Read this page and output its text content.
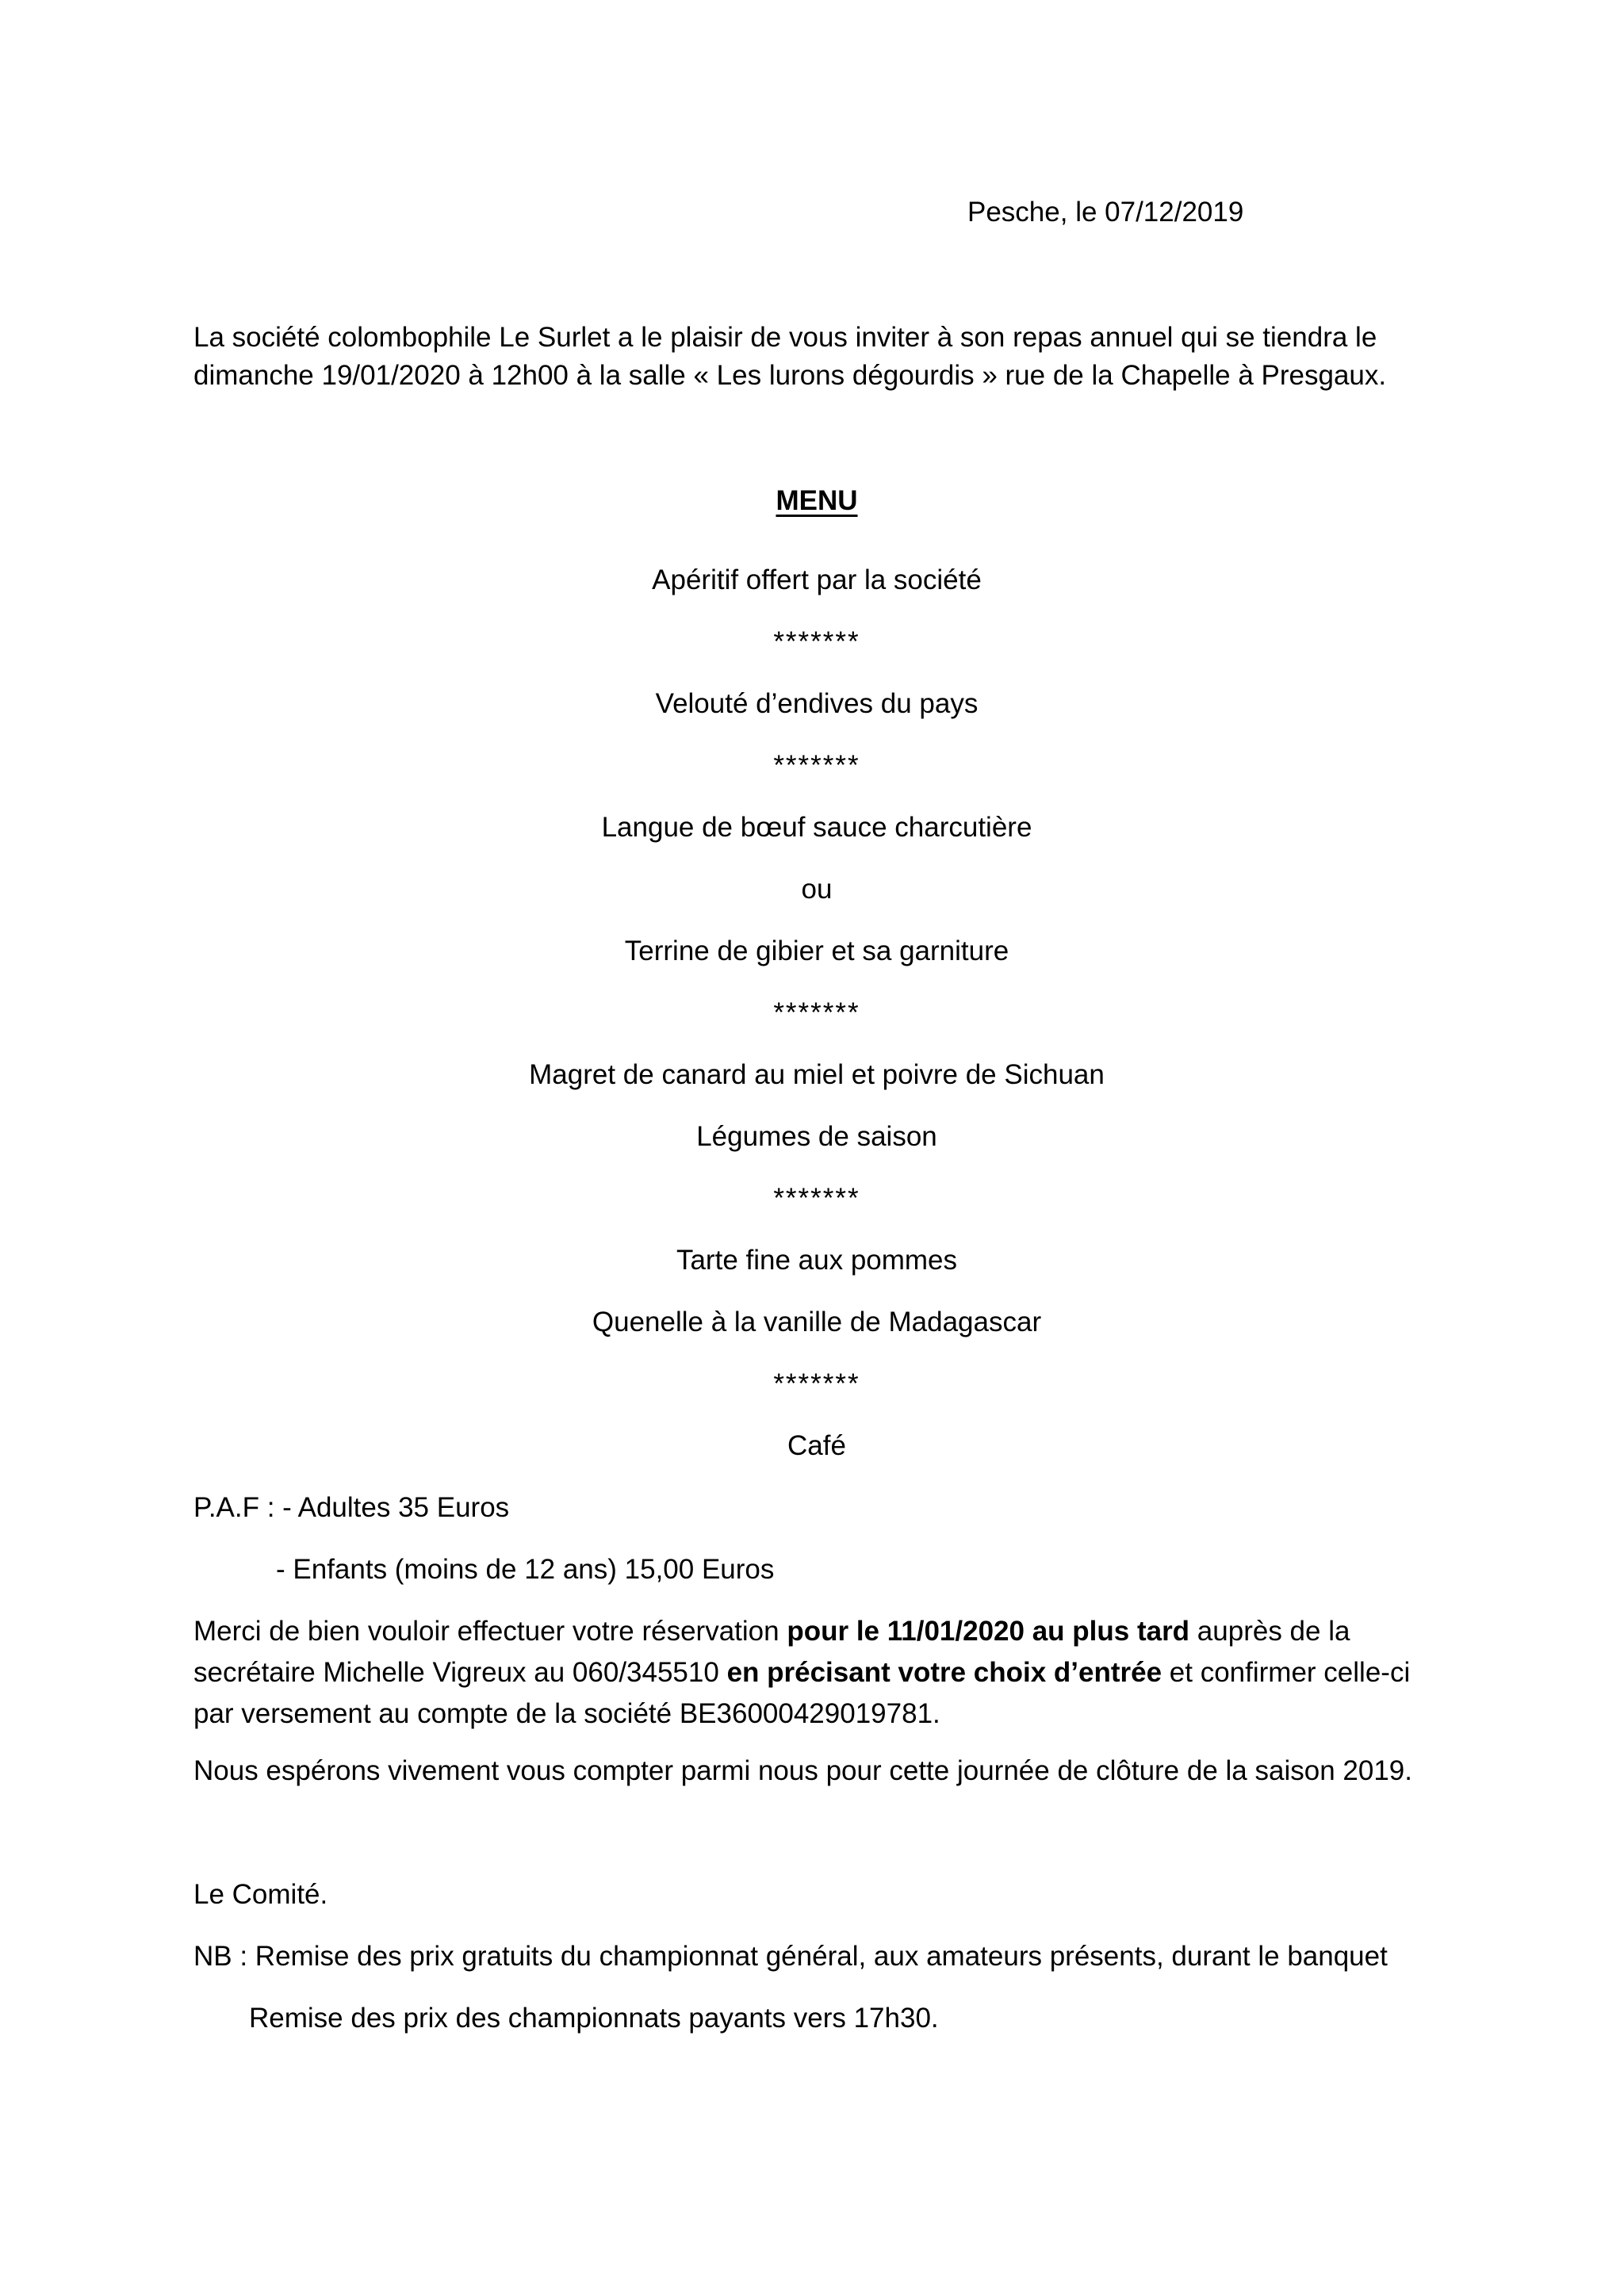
Pesche, le 07/12/2019

La société colombophile Le Surlet a le plaisir de vous inviter à son repas annuel qui se tiendra le

dimanche 19/01/2020 à 12h00 à la salle « Les lurons dégourdis » rue de la Chapelle à Presgaux.

MENU

Apéritif offert par la société

*******

Velouté d’endives du pays

*******

Langue de bœuf sauce charcutière

ou

Terrine de gibier et sa garniture

*******

Magret de canard au miel et poivre de Sichuan

Légumes de saison

*******

Tarte fine aux pommes

Quenelle à la vanille de Madagascar

*******

Café

P.A.F : - Adultes 35 Euros

- Enfants (moins de 12 ans) 15,00 Euros

Merci de bien vouloir effectuer votre réservation pour le 11/01/2020 au plus tard auprès de la secrétaire Michelle Vigreux au 060/345510 en précisant votre choix d’entrée et confirmer celle-ci par versement au compte de la société BE36000429019781.

Nous espérons vivement vous compter parmi nous pour cette journée de clôture de la saison 2019.

Le Comité.

NB : Remise des prix gratuits du championnat général, aux amateurs présents, durant le banquet

Remise des prix des championnats payants vers 17h30.
